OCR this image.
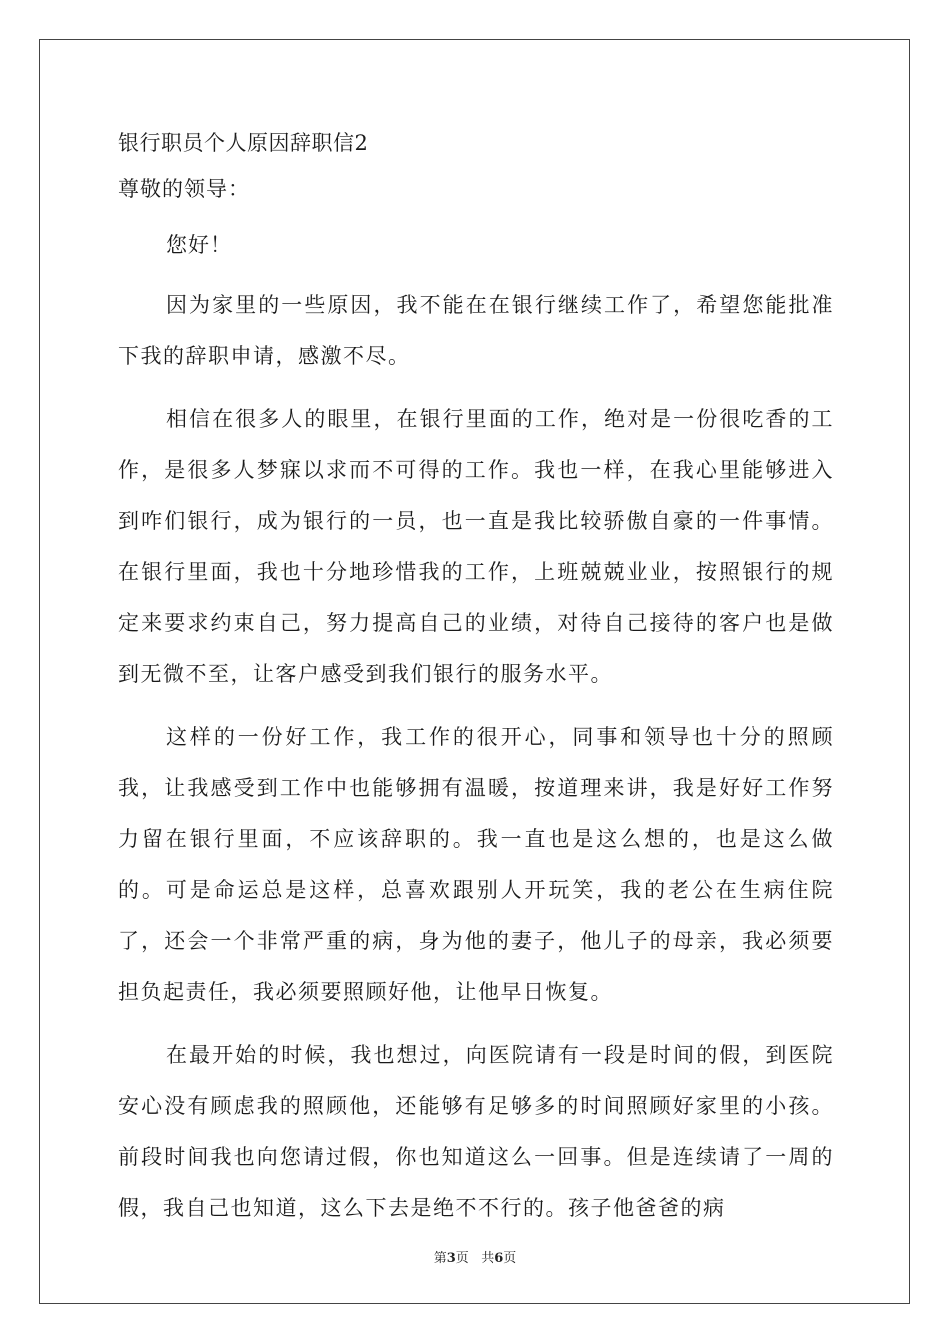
银行职员个人原因辞职信2
尊敬的领导：
您好！
因为家里的一些原因，我不能在在银行继续工作了，希望您能批准下我的辞职申请，感激不尽。
相信在很多人的眼里，在银行里面的工作，绝对是一份很吃香的工作，是很多人梦寐以求而不可得的工作。我也一样，在我心里能够进入到咋们银行，成为银行的一员，也一直是我比较骄傲自豪的一件事情。在银行里面，我也十分地珍惜我的工作，上班兢兢业业，按照银行的规定来要求约束自己，努力提高自己的业绩，对待自己接待的客户也是做到无微不至，让客户感受到我们银行的服务水平。
这样的一份好工作，我工作的很开心，同事和领导也十分的照顾我，让我感受到工作中也能够拥有温暖，按道理来讲，我是好好工作努力留在银行里面，不应该辞职的。我一直也是这么想的，也是这么做的。可是命运总是这样，总喜欢跟别人开玩笑，我的老公在生病住院了，还会一个非常严重的病，身为他的妻子，他儿子的母亲，我必须要担负起责任，我必须要照顾好他，让他早日恢复。
在最开始的时候，我也想过，向医院请有一段是时间的假，到医院安心没有顾虑我的照顾他，还能够有足够多的时间照顾好家里的小孩。前段时间我也向您请过假，你也知道这么一回事。但是连续请了一周的假，我自己也知道，这么下去是绝不不行的。孩子他爸爸的病
第3页 共6页
